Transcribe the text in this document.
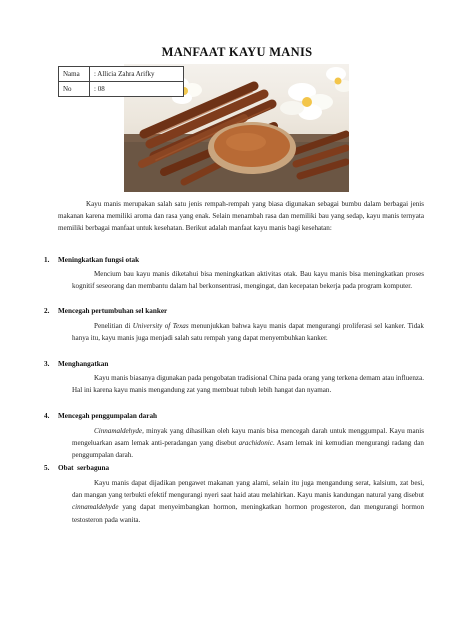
MANFAAT KAYU MANIS
Nama	: Allicia Zahra Arifky
No	: 08

Kayu manis merupakan salah satu jenis rempah-rempah yang biasa digunakan sebagai bumbu dalam berbagai jenis makanan karena memiliki aroma dan rasa yang enak. Selain menambah rasa dan memiliki bau yang sedap, kayu manis ternyata memiliki berbagai manfaat untuk kesehatan. Berikut adalah manfaat kayu manis bagi kesehatan:

1. Meningkatkan fungsi otak

Mencium bau kayu manis diketahui bisa meningkatkan aktivitas otak. Bau kayu manis bisa meningkatkan proses kognitif seseorang dan membantu dalam hal berkonsentrasi, mengingat, dan kecepatan bekerja pada program komputer.

2. Mencegah pertumbuhan sel kanker

Penelitian di University of Texas menunjukkan bahwa kayu manis dapat mengurangi proliferasi sel kanker. Tidak hanya itu, kayu manis juga menjadi salah satu rempah yang dapat menyembuhkan kanker.

3. Menghangatkan

Kayu manis biasanya digunakan pada pengobatan tradisional China pada orang yang terkena demam atau influenza. Hal ini karena kayu manis mengandung zat yang membuat tubuh lebih hangat dan nyaman.

4. Mencegah penggumpalan darah

Cinnamaldehyde, minyak yang dihasilkan oleh kayu manis bisa mencegah darah untuk menggumpal. Kayu manis mengeluarkan asam lemak anti-peradangan yang disebut arachidonic. Asam lemak ini kemudian mengurangi radang dan penggumpalan darah.

5. Obat  serbaguna

Kayu manis dapat dijadikan pengawet makanan yang alami, selain itu juga mengandung serat, kalsium, zat besi, dan mangan yang terbukti efektif mengurangi nyeri saat haid atau melahirkan. Kayu manis kandungan natural yang disebut cinnamaldehyde yang dapat menyeimbangkan hormon, meningkatkan hormon progesteron, dan mengurangi hormon testosteron pada wanita.
